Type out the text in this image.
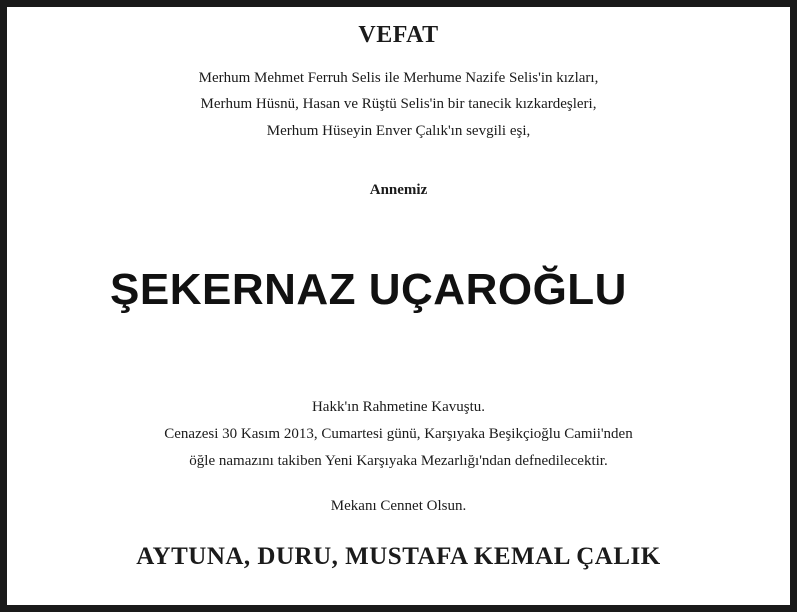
VEFAT
Merhum Mehmet Ferruh Selis ile Merhume Nazife Selis'in kızları,
Merhum Hüsnü, Hasan ve Rüştü Selis'in bir tanecik kızkardeşleri,
Merhum Hüseyin Enver Çalık'ın sevgili eşi,
Annemiz
ŞEKERNAZ UÇAROĞLU
Hakk'ın Rahmetine Kavuştu.
Cenazesi 30 Kasım 2013, Cumartesi günü, Karşıyaka Beşikçioğlu Camii'nden
öğle namazını takiben Yeni Karşıyaka Mezarlığı'ndan defnedilecektir.
Mekanı Cennet Olsun.
AYTUNA, DURU, MUSTAFA KEMAL ÇALIK
